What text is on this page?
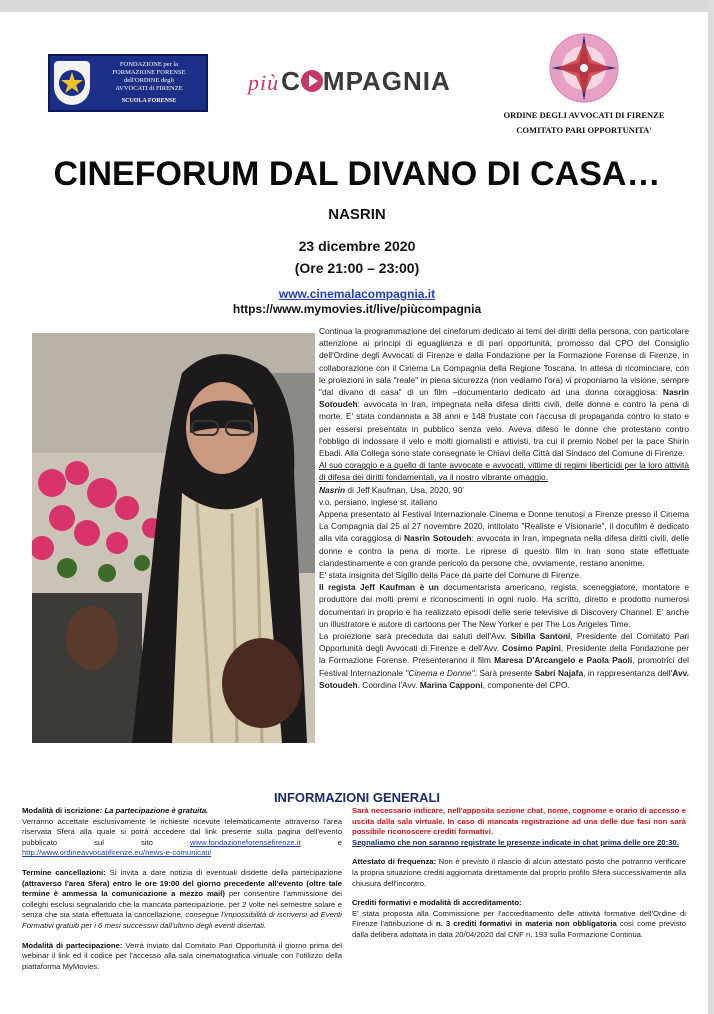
FONDAZIONE per la
FORMAZIONE FORENSE
dell'ORDINE degli
AVVOCATI di FIRENZE
SCUOLA FORENSE
piùC MPAGNIA
ORDINE DEGLI AVVOCATI DI FIRENZE
COMITATO PARI OPPORTUNITA'
CINEFORUM DAL DIVANO DI CASA…
NASRIN
23 dicembre 2020
(Ore 21:00 – 23:00)
www.cinemalacompagnia.it
https://www.mymovies.it/live/piùcompagnia

Continua la programmazione del cineforum dedicato ai temi dei diritti della persona, con particolare attenzione ai principi di eguaglianza e di pari opportunità, promosso dal CPO del Consiglio dell'Ordine degli Avvocati di Firenze e dalla Fondazione per la Formazione Forense di Firenze, in collaborazione con il Cinema La Compagnia della Regione Toscana. In attesa di ricominciare, con le proiezioni in sala "reale" in piena sicurezza (non vediamo l'ora) vi proponiamo la visione, sempre "dal divano di casa" di un film –documentario dedicato ad una donna coraggiosa: Nasrin Sotoudeh: avvocata in Iran, impegnata nella difesa diritti civili, delle donne e contro la pena di morte. E' stata condannata a 38 anni e 148 frustate con l'accusa di propaganda contro lo stato e per essersi presentata in pubblico senza velo. Aveva difeso le donne che protestano contro l'obbligo di indossare il velo e molti giornalisti e attivisti, tra cui il premio Nobel per la pace Shirin Ebadi. Alla Collega sono state consegnate le Chiavi della Città dal Sindaco del Comune di Firenze.

Al suo coraggio e a quello di tante avvocate e avvocati, vittime di regimi liberticidi per la loro attività di difesa dei diritti fondamentali, va il nostro vibrante omaggio.

Nasrin di Jeff Kaufman, Usa, 2020, 90'

v.o. persiano, inglese st. italiano

Appena presentato al Festival Internazionale Cinema e Donne tenutosi a Firenze presso il Cinema La Compagnia dal 25 al 27 novembre 2020, intitolato "Realiste e Visionarie", il docufilm è dedicato alla vita coraggiosa di Nasrin Sotoudeh: avvocata in Iran, impegnata nella difesa diritti civili, delle donne e contro la pena di morte. Le riprese di questo film in Iran sono state effettuate clandestinamente e con grande pericolo da persone che, ovviamente, restano anonime.

E' stata insignita del Sigillo della Pace da parte del Comune di Firenze.

Il regista Jeff Kaufman è un documentarista americano, regista, sceneggiatore, montatore e produttore dai molti premi e riconoscimenti in ogni ruolo. Ha scritto, diretto e prodotto numerosi documentari in proprio e ha realizzato episodi delle serie televisive di Discovery Channel. E' anche un illustratore e autore di cartoons per The New Yorker e per The Los Angeles Time.

La proiezione sarà preceduta dai saluti dell'Avv. Sibilla Santoni, Presidente del Comitato Pari Opportunità degli Avvocati di Firenze e dell'Avv. Cosimo Papini, Presidente della Fondazione per la Formazione Forense. Presenteranno il film Maresa D'Arcangelo e Paola Paoli, promotrici del Festival Internazionale "Cinema e Donne". Sarà presente Sabri Najafa, in rappresentanza dell'Avv. Sotoudeh. Coordina l'Avv. Marina Capponi, componente del CPO.

INFORMAZIONI GENERALI

Modalità di iscrizione: La partecipazione è gratuita.
Verranno accettate esclusivamente le richieste ricevute telematicamente attraverso l'area riservata Sfera alla quale si potrà accedere dal link presente sulla pagina dell'evento pubblicato sul sito www.fondazioneforensefirenze.it e http://www.ordineavvocatifirenze.eu/news-e-comunicati/

Termine cancellazioni: Si invita a dare notizia di eventuali disdette della partecipazione (attraverso l'area Sfera) entro le ore 19:00 del giorno precedente all'evento (oltre tale termine è ammessa la comunicazione a mezzo mail) per consentire l'ammissione dei colleghi esclusi segnalando che la mancata partecipazione, per 2 volte nel semestre solare e senza che sia stata effettuata la cancellazione, consegue l'impossibilità di iscriversi ad Eventi Formativi gratuiti per i 6 mesi successivi dall'ultimo degli eventi disertati.

Modalità di partecipazione: Verrà inviato dal Comitato Pari Opportunità il giorno prima del webinar il link ed il codice per l'accesso alla sala cinematografica virtuale con l'utilizzo della piattaforma MyMovies.

Sarà necessario indicare, nell'apposita sezione chat, nome, cognome e orario di accesso e uscita dalla sala virtuale. In caso di mancata registrazione ad una delle due fasi non sarà possibile riconoscere crediti formativi.
Segnaliamo che non saranno registrate le presenze indicate in chat prima delle ore 20:30.

Attestato di frequenza: Non è previsto il rilascio di alcun attestato posto che potranno verificare la propria situazione crediti aggiornata direttamente dal proprio profilo Sfera successivamente alla chiusura dell'incontro.

Crediti formativi e modalità di accreditamento:
E' stata proposta alla Commissione per l'accreditamento delle attività formative dell'Ordine di Firenze l'attribuzione di n. 3 crediti formativi in materia non obbligatoria così come previsto dalla delibera adottata in data 20/04/2020 dal CNF n. 193 sulla Formazione Continua.
